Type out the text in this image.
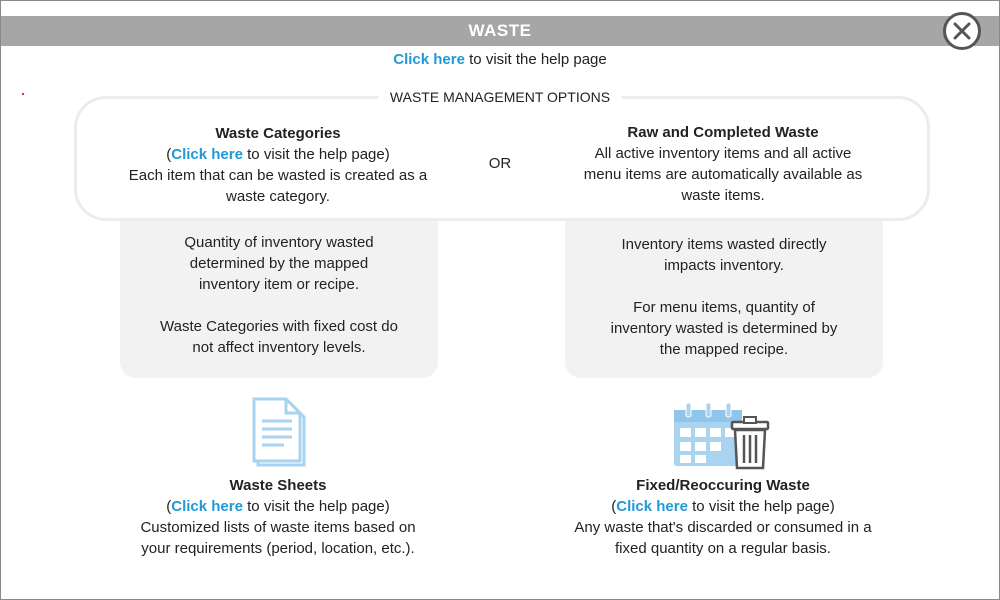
WASTE
Click here to visit the help page
WASTE MANAGEMENT OPTIONS
Waste Categories
(Click here to visit the help page)
Each item that can be wasted is created as a
waste category.
OR
Raw and Completed Waste
All active inventory items and all active
menu items are automatically available as
waste items.
Quantity of inventory wasted
determined by the mapped
inventory item or recipe.
Waste Categories with fixed cost do
not affect inventory levels.
Inventory items wasted directly
impacts inventory.
For menu items, quantity of
inventory wasted is determined by
the mapped recipe.
Waste Sheets
(Click here to visit the help page)
Customized lists of waste items based on
your requirements (period, location, etc.).
Fixed/Reoccuring Waste
(Click here to visit the help page)
Any waste that's discarded or consumed in a
fixed quantity on a regular basis.
